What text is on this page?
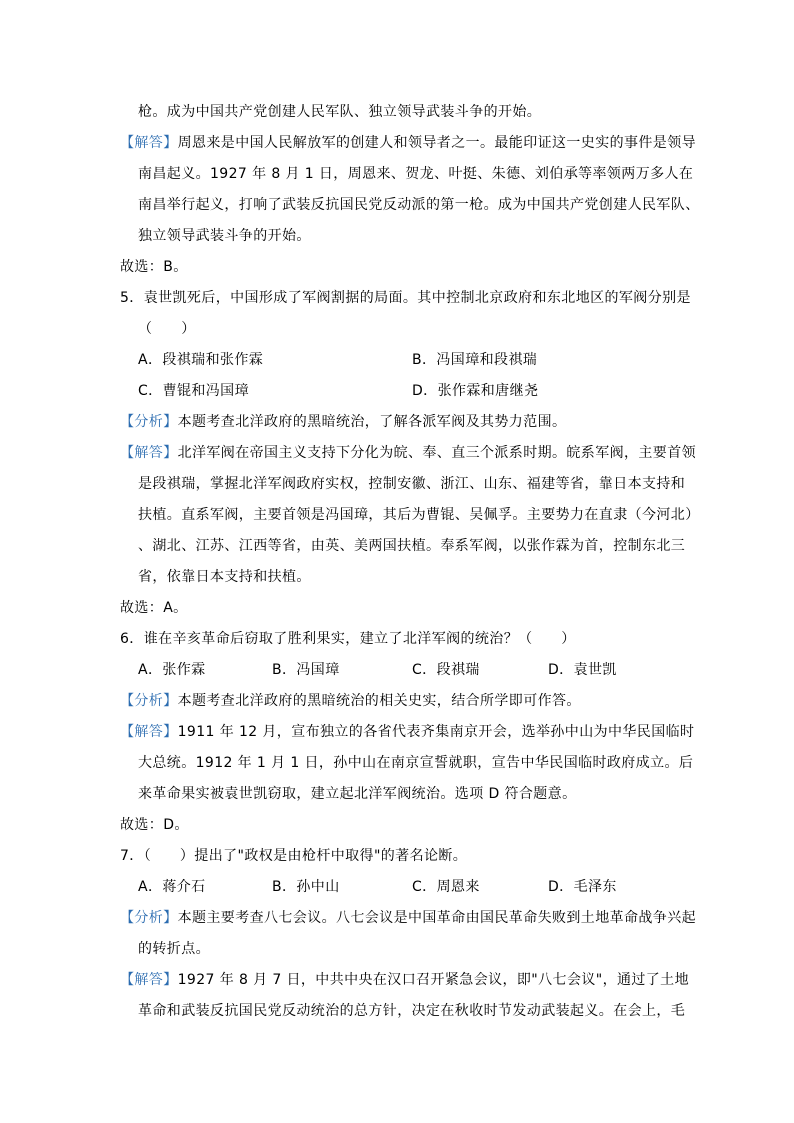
枪。成为中国共产党创建人民军队、独立领导武装斗争的开始。
【解答】周恩来是中国人民解放军的创建人和领导者之一。最能印证这一史实的事件是领导
南昌起义。1927 年 8 月 1 日，周恩来、贺龙、叶挺、朱德、刘伯承等率领两万多人在
南昌举行起义，打响了武装反抗国民党反动派的第一枪。成为中国共产党创建人民军队、
独立领导武装斗争的开始。
故选：B。
5．袁世凯死后，中国形成了军阀割据的局面。其中控制北京政府和东北地区的军阀分别是
（　　）
A．段祺瑞和张作霖	B．冯国璋和段祺瑞
C．曹锟和冯国璋	D．张作霖和唐继尧
【分析】本题考查北洋政府的黑暗统治，了解各派军阀及其势力范围。
【解答】北洋军阀在帝国主义支持下分化为皖、奉、直三个派系时期。皖系军阀，主要首领
是段祺瑞，掌握北洋军阀政府实权，控制安徽、浙江、山东、福建等省，靠日本支持和
扶植。直系军阀，主要首领是冯国璋，其后为曹锟、吴佩孚。主要势力在直隶（今河北）
、湖北、江苏、江西等省，由英、美两国扶植。奉系军阀，以张作霖为首，控制东北三
省，依靠日本支持和扶植。
故选：A。
6．谁在辛亥革命后窃取了胜利果实，建立了北洋军阀的统治？（　　）
A．张作霖	B．冯国璋	C．段祺瑞	D．袁世凯
【分析】本题考查北洋政府的黑暗统治的相关史实，结合所学即可作答。
【解答】1911 年 12 月，宣布独立的各省代表齐集南京开会，选举孙中山为中华民国临时
大总统。1912 年 1 月 1 日，孙中山在南京宣誓就职，宣告中华民国临时政府成立。后
来革命果实被袁世凯窃取，建立起北洋军阀统治。选项 D 符合题意。
故选：D。
7．（　　）提出了"政权是由枪杆中取得"的著名论断。
A．蒋介石	B．孙中山	C．周恩来	D．毛泽东
【分析】本题主要考查八七会议。八七会议是中国革命由国民革命失败到土地革命战争兴起
的转折点。
【解答】1927 年 8 月 7 日，中共中央在汉口召开紧急会议，即"八七会议"，通过了土地
革命和武装反抗国民党反动统治的总方针，决定在秋收时节发动武装起义。在会上，毛
